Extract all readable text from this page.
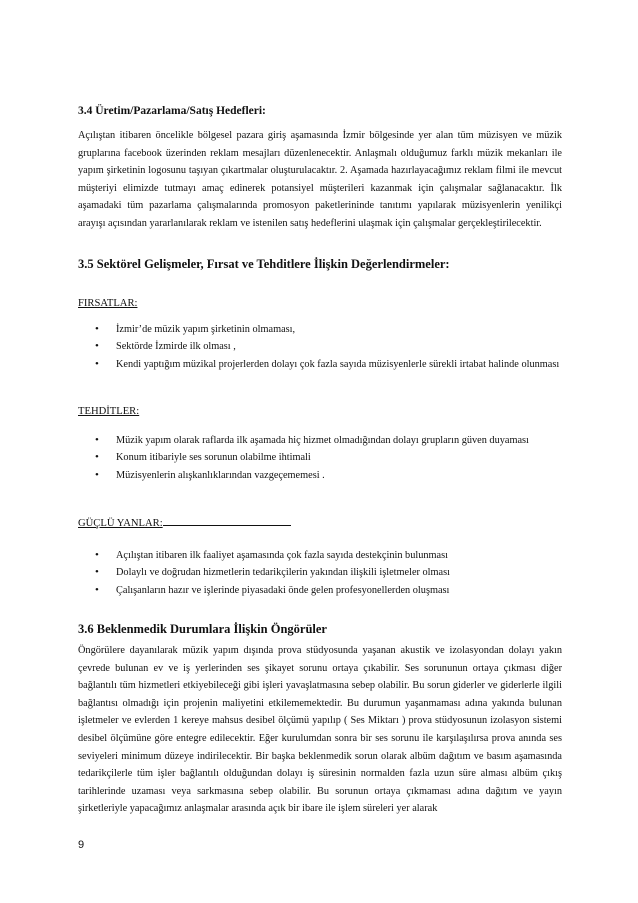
3.4 Üretim/Pazarlama/Satış Hedefleri:

Açılıştan itibaren öncelikle bölgesel pazara giriş aşamasında İzmir bölgesinde yer alan tüm müzisyen ve müzik gruplarına facebook üzerinden reklam mesajları düzenlenecektir. Anlaşmalı olduğumuz farklı müzik mekanları ile yapım şirketinin logosunu taşıyan çıkartmalar oluşturulacaktır. 2. Aşamada hazırlayacağımız reklam filmi ile mevcut müşteriyi elimizde tutmayı amaç edinerek potansiyel müşterileri kazanmak için çalışmalar sağlanacaktır. İlk aşamadaki tüm pazarlama çalışmalarında promosyon paketlerininde tanıtımı yapılarak müzisyenlerin yenilikçi arayışı açısından yararlanılarak reklam ve istenilen satış hedeflerini ulaşmak için çalışmalar gerçekleştirilecektir.

3.5 Sektörel Gelişmeler, Fırsat ve Tehditlere İlişkin Değerlendirmeler:
FIRSATLAR:
• İzmir’de müzik yapım şirketinin olmaması,
• Sektörde İzmirde ilk olması ,
• Kendi yaptığım müzikal projerlerden dolayı çok fazla sayıda müzisyenlerle sürekli irtabat halinde olunması
TEHDİTLER:
• Müzik yapım olarak raflarda ilk aşamada hiç hizmet olmadığından dolayı grupların güven duyaması
• Konum itibariyle ses sorunun olabilme ihtimali
• Müzisyenlerin alışkanlıklarından vazgeçememesi .
GÜÇLÜ YANLAR:
• Açılıştan itibaren ilk faaliyet aşamasında çok fazla sayıda destekçinin bulunması
• Dolaylı ve doğrudan hizmetlerin tedarikçilerin yakından ilişkili işletmeler olması
• Çalışanların hazır ve işlerinde piyasadaki önde gelen profesyonellerden oluşması
3.6 Beklenmedik Durumlara İlişkin Öngörüler

Öngörülere dayanılarak müzik yapım dışında prova stüdyosunda yaşanan akustik ve izolasyondan dolayı yakın çevrede bulunan ev ve iş yerlerinden ses şikayet sorunu ortaya çıkabilir. Ses sorununun ortaya çıkması diğer bağlantılı tüm hizmetleri etkiyebileceği gibi işleri yavaşlatmasına sebep olabilir. Bu sorun giderler ve giderlerle ilgili bağlantısı olmadığı için projenin maliyetini etkilememektedir. Bu durumun yaşanmaması adına yakında bulunan işletmeler ve evlerden 1 kereye mahsus desibel ölçümü yapılıp ( Ses Miktarı ) prova stüdyosunun izolasyon sistemi desibel ölçümüne göre entegre edilecektir. Eğer kurulumdan sonra bir ses sorunu ile karşılaşılırsa prova anında ses seviyeleri minimum düzeye indirilecektir. Bir başka beklenmedik sorun olarak albüm dağıtım ve basım aşamasında tedarikçilerle tüm işler bağlantılı olduğundan dolayı iş süresinin normalden fazla uzun süre alması albüm çıkış tarihlerinde uzaması veya sarkmasına sebep olabilir. Bu sorunun ortaya çıkmaması adına dağıtım ve yayın şirketleriyle yapacağımız anlaşmalar arasında açık bir ibare ile işlem süreleri yer alarak

9
